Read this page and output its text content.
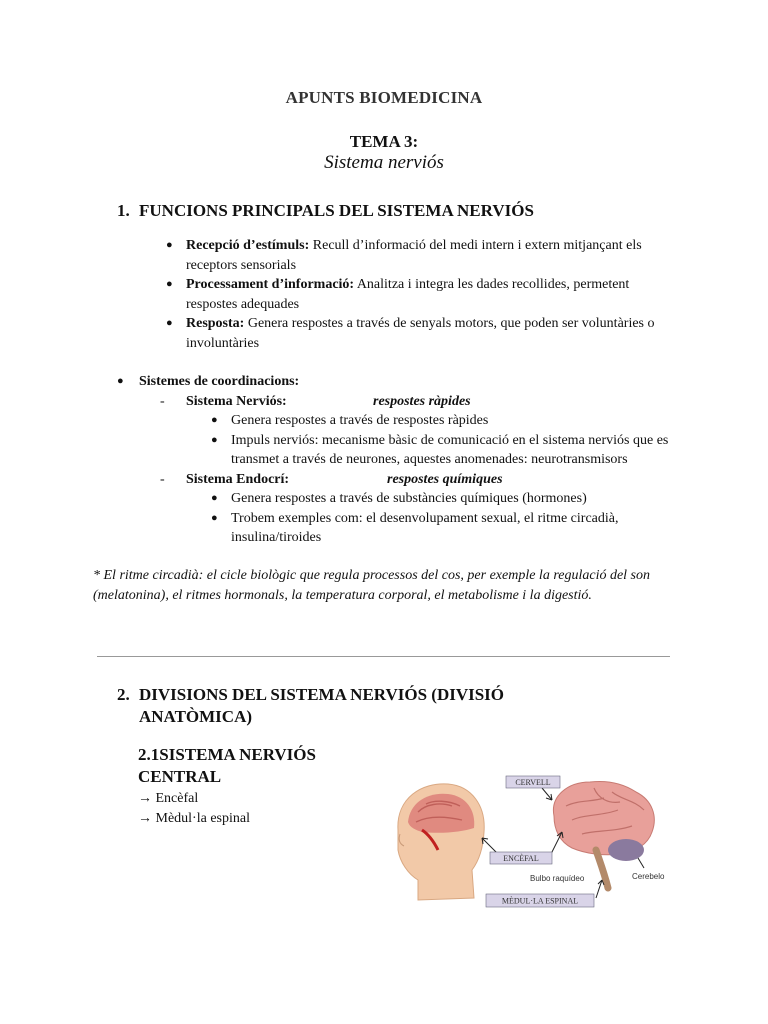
APUNTS BIOMEDICINA
TEMA 3:
Sistema nerviós
1. FUNCIONS PRINCIPALS DEL SISTEMA NERVIÓS
● Recepció d’estímuls: Recull d’informació del medi intern i extern mitjançant els receptors sensorials
● Processament d’informació: Analitza i integra les dades recollides, permetent respostes adequades
● Resposta: Genera respostes a través de senyals motors, que poden ser voluntàries o involuntàries
● Sistemes de coordinacions:
- Sistema Nerviós:	respostes ràpides
● Genera respostes a través de respostes ràpides
● Impuls nerviós: mecanisme bàsic de comunicació en el sistema nerviós que es transmet a través de neurones, aquestes anomenades: neurotransmisors
- Sistema Endocrí:	respostes químiques
● Genera respostes a través de substàncies químiques (hormones)
● Trobem exemples com: el desenvolupament sexual, el ritme circadià, insulina/tiroides
* El ritme circadià: el cicle biològic que regula processos del cos, per exemple la regulació del son (melatonina), el ritmes hormonals, la temperatura corporal, el metabolisme i la digestió.
2. DIVISIONS DEL SISTEMA NERVIÓS (DIVISIÓ ANATÒMICA)
2.1SISTEMA NERVIÓS CENTRAL
→ Encèfal
→ Mèdul·la espinal
CERVELL
ENCÈFAL
MÈDUL·LA ESPINAL
Bulbo raquídeo	Cerebelo
